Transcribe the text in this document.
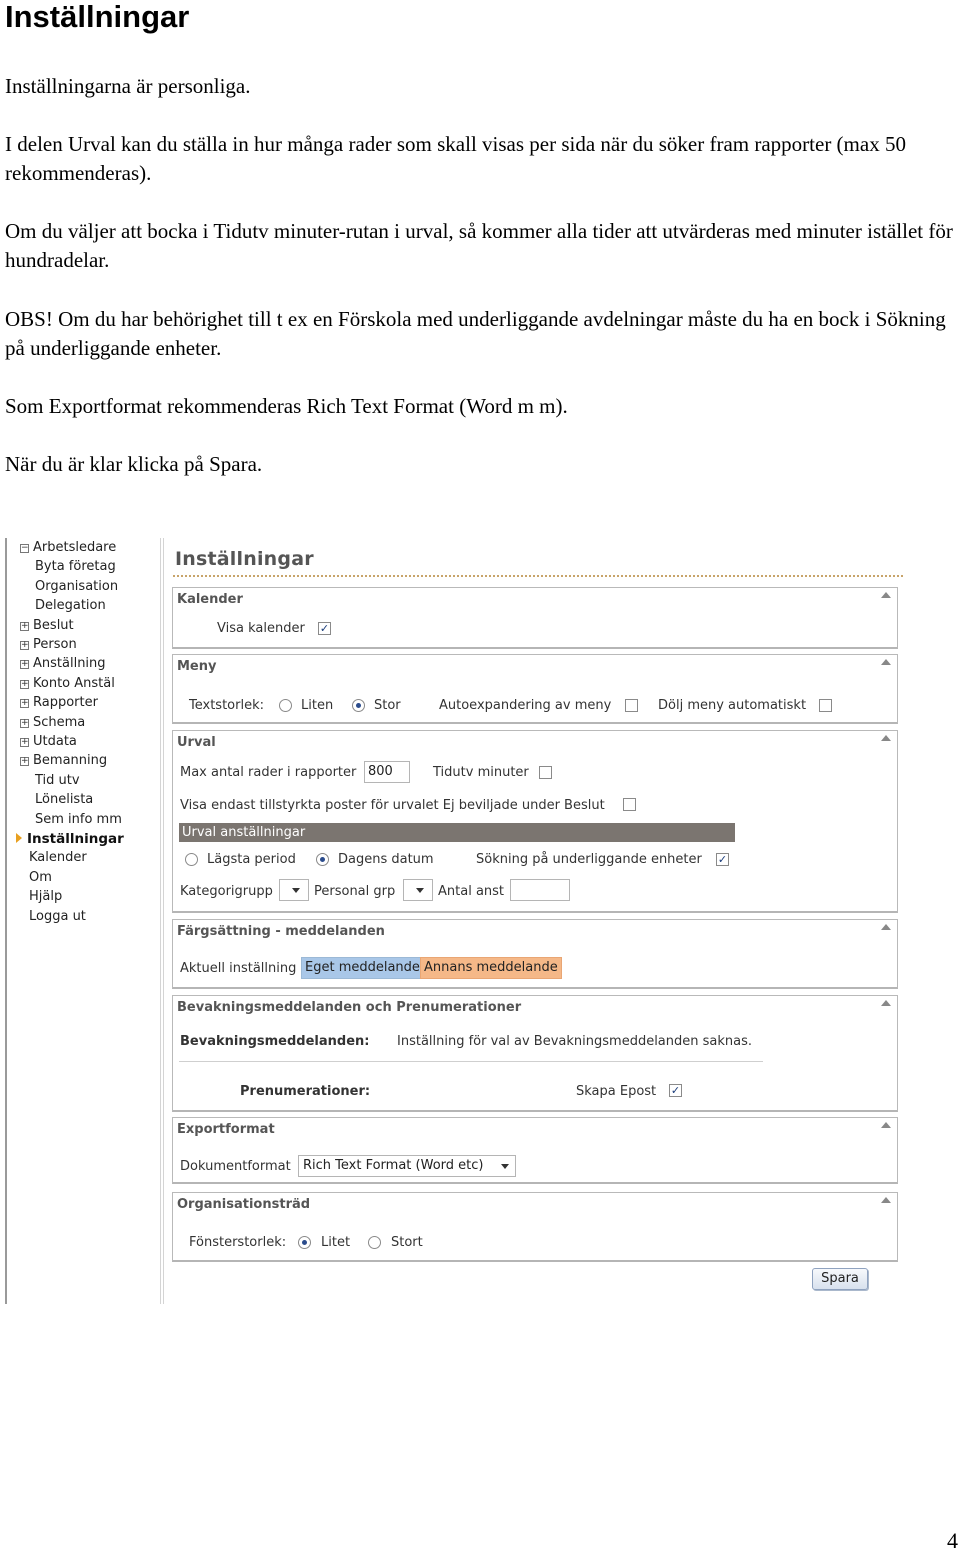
Inställningar

Inställningarna är personliga.

I delen Urval kan du ställa in hur många rader som skall visas per sida när du söker fram rapporter (max 50 rekommenderas).

Om du väljer att bocka i Tidutv minuter-rutan i urval, så kommer alla tider att utvärderas med minuter istället för hundradelar.

OBS! Om du har behörighet till t ex en Förskola med underliggande avdelningar måste du ha en bock i Sökning på underliggande enheter.

Som Exportformat rekommenderas Rich Text Format (Word m m).

När du är klar klicka på Spara.

− Arbetsledare
Byta företag
Organisation
Delegation
+ Beslut
+ Person
+ Anställning
+ Konto Anstäl
+ Rapporter
+ Schema
+ Utdata
+ Bemanning
Tid utv
Lönelista
Sem info mm
Inställningar
Kalender
Om
Hjälp
Logga ut
Inställningar
Kalender
Visa kalender ✓
Meny
Textstorlek:	Liten	Stor	Autoexpandering av meny	Dölj meny automatiskt
Urval
Max antal rader i rapporter 800	Tidutv minuter
Visa endast tillstyrkta poster för urvalet Ej beviljade under Beslut
Urval anställningar
Lägsta period	Dagens datum	Sökning på underliggande enheter ✓
Kategorigrupp	Personal grp	Antal anst
Färgsättning - meddelanden
Aktuell inställning Eget meddelande Annans meddelande
Bevakningsmeddelanden och Prenumerationer
Bevakningsmeddelanden: Inställning för val av Bevakningsmeddelanden saknas.
Prenumerationer:	Skapa Epost ✓
Exportformat
Dokumentformat Rich Text Format (Word etc)
Organisationsträd
Fönsterstorlek:	Litet	Stort
Spara
4
